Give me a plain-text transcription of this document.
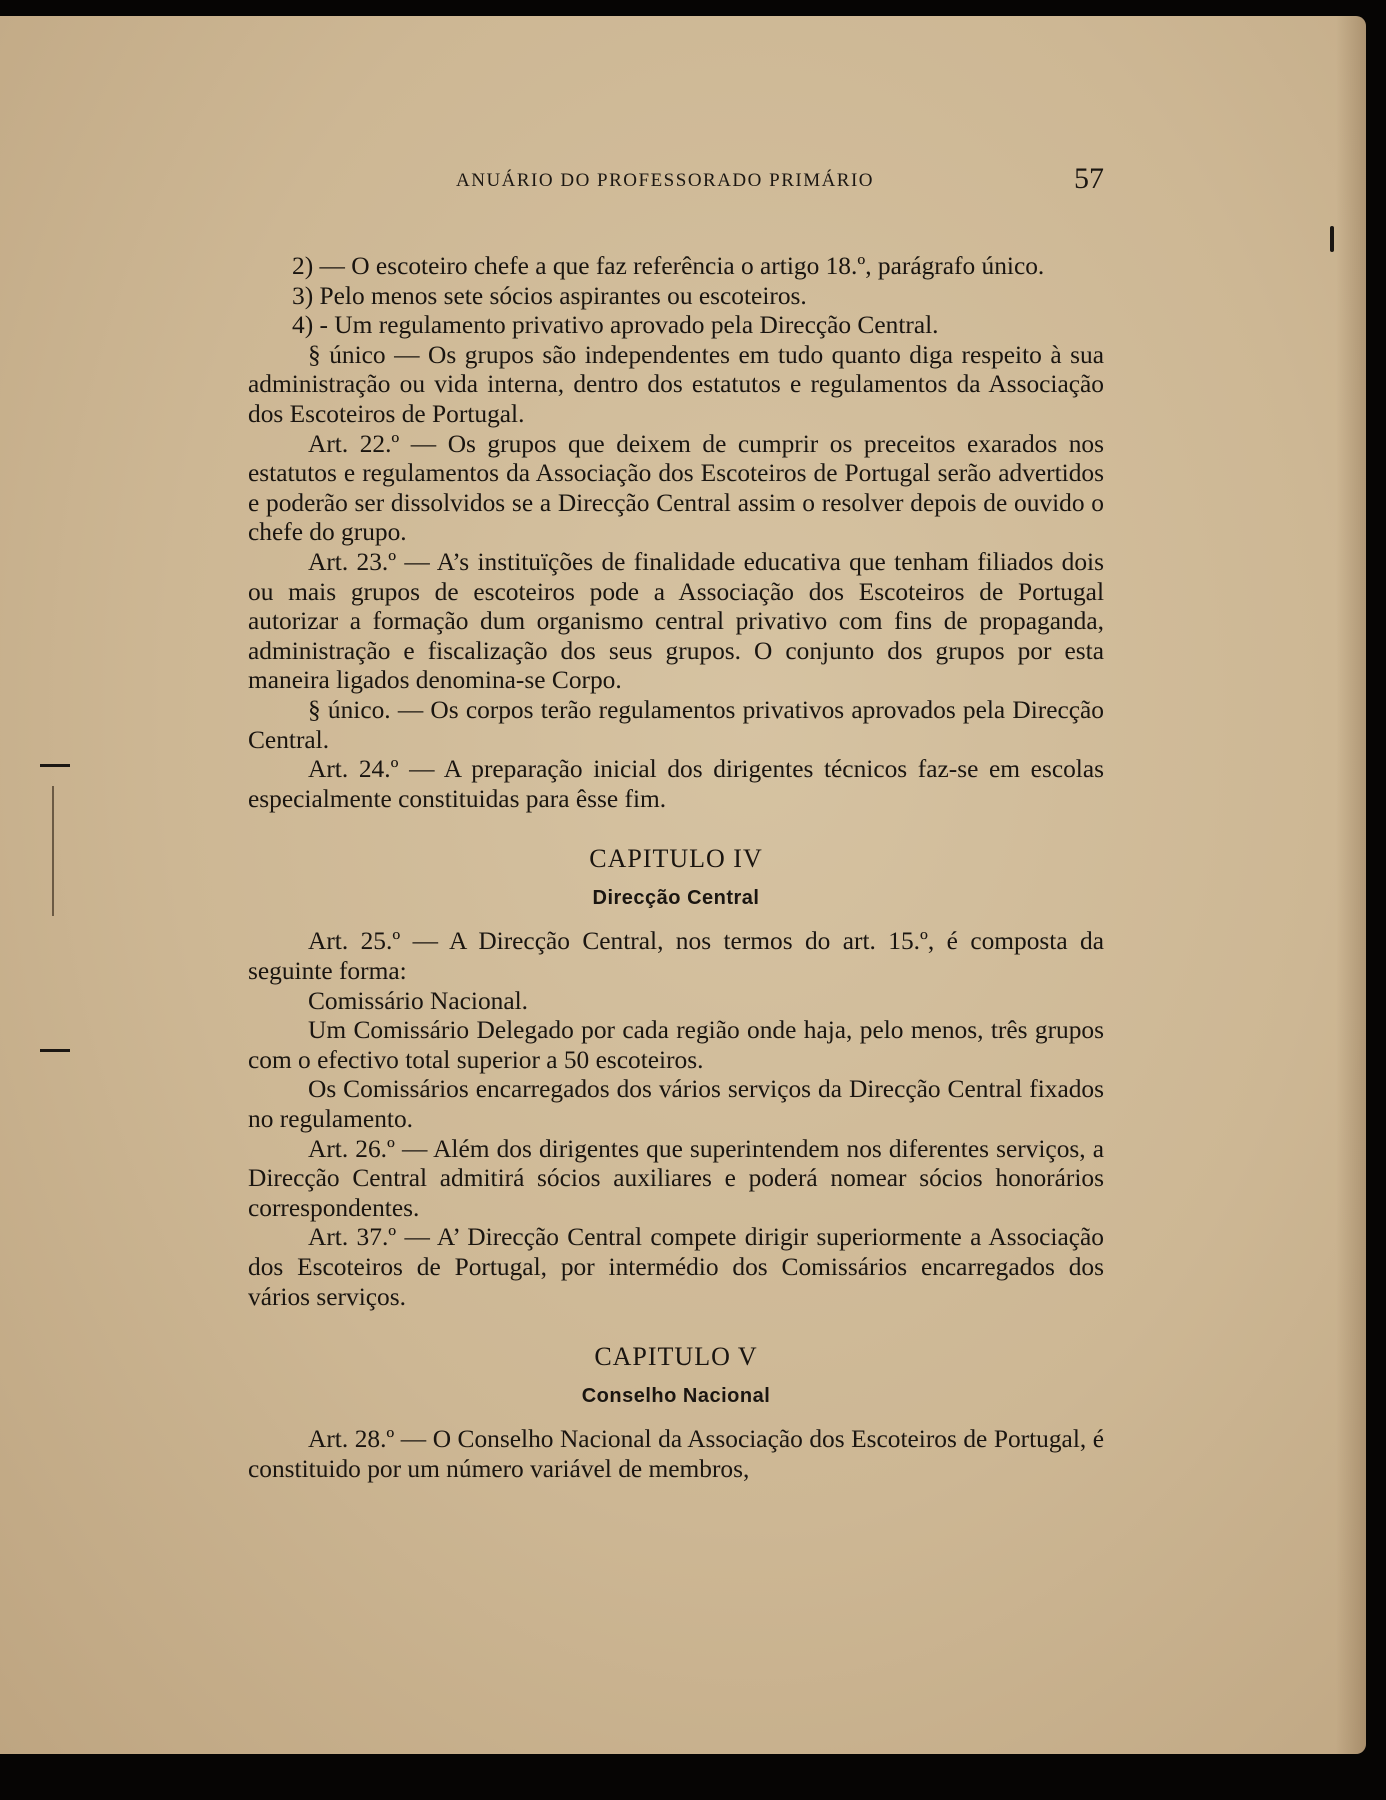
ANUÁRIO DO PROFESSORADO PRIMÁRIO	57

2) — O escoteiro chefe a que faz referência o artigo 18.º, parágrafo único.

3) Pelo menos sete sócios aspirantes ou escoteiros.

4) - Um regulamento privativo aprovado pela Direcção Central.

§ único — Os grupos são independentes em tudo quanto diga respeito à sua administração ou vida interna, dentro dos estatutos e regulamentos da Associação dos Escoteiros de Portugal.

Art. 22.º — Os grupos que deixem de cumprir os preceitos exarados nos estatutos e regulamentos da Associação dos Escoteiros de Portugal serão advertidos e poderão ser dissolvidos se a Direcção Central assim o resolver depois de ouvido o chefe do grupo.

Art. 23.º — A’s instituïções de finalidade educativa que tenham filiados dois ou mais grupos de escoteiros pode a Associação dos Escoteiros de Portugal autorizar a formação dum organismo central privativo com fins de propaganda, administração e fiscalização dos seus grupos. O conjunto dos grupos por esta maneira ligados denomina-se Corpo.

§ único. — Os corpos terão regulamentos privativos aprovados pela Direcção Central.

Art. 24.º — A preparação inicial dos dirigentes técnicos faz-se em escolas especialmente constituidas para êsse fim.

CAPITULO IV
Direcção Central

Art. 25.º — A Direcção Central, nos termos do art. 15.º, é composta da seguinte forma:

Comissário Nacional.

Um Comissário Delegado por cada região onde haja, pelo menos, três grupos com o efectivo total superior a 50 escoteiros.

Os Comissários encarregados dos vários serviços da Direcção Central fixados no regulamento.

Art. 26.º — Além dos dirigentes que superintendem nos diferentes serviços, a Direcção Central admitirá sócios auxiliares e poderá nomear sócios honorários correspondentes.

Art. 37.º — A’ Direcção Central compete dirigir superiormente a Associação dos Escoteiros de Portugal, por intermédio dos Comissários encarregados dos vários serviços.

CAPITULO V
Conselho Nacional

Art. 28.º — O Conselho Nacional da Associação dos Escoteiros de Portugal, é constituido por um número variável de membros,
